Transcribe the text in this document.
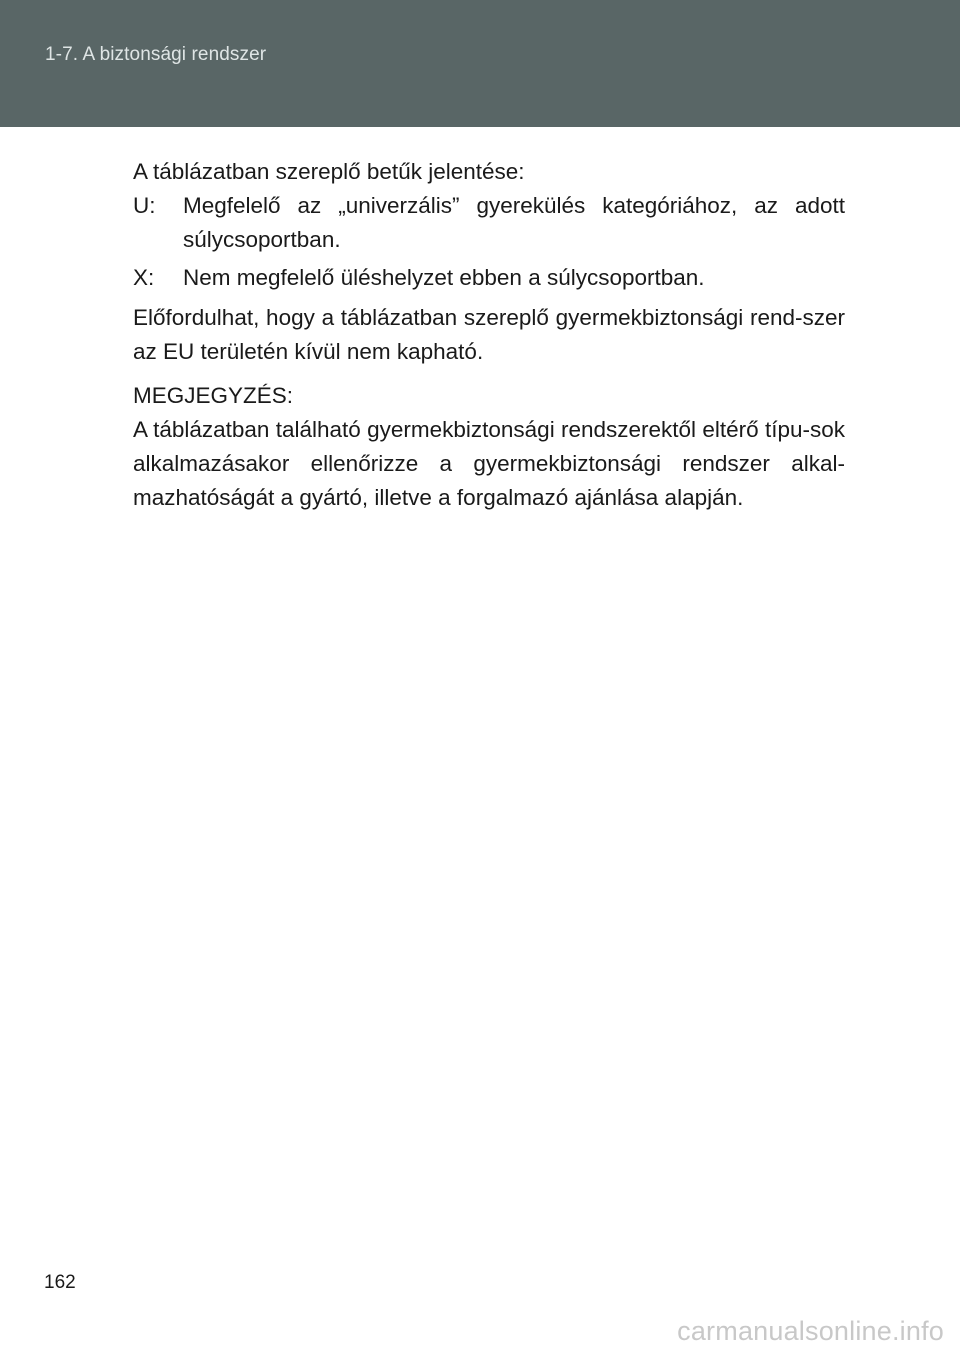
1-7. A biztonsági rendszer

A táblázatban szereplő betűk jelentése:

U:	Megfelelő az „univerzális” gyerekülés kategóriához, az adott súlycsoportban.
X:	Nem megfelelő üléshelyzet ebben a súlycsoportban.

Előfordulhat, hogy a táblázatban szereplő gyermekbiztonsági rend-szer az EU területén kívül nem kapható.

MEGJEGYZÉS:

A táblázatban található gyermekbiztonsági rendszerektől eltérő típu-sok alkalmazásakor ellenőrizze a gyermekbiztonsági rendszer alkal-mazhatóságát a gyártó, illetve a forgalmazó ajánlása alapján.

162
carmanualsonline.info
